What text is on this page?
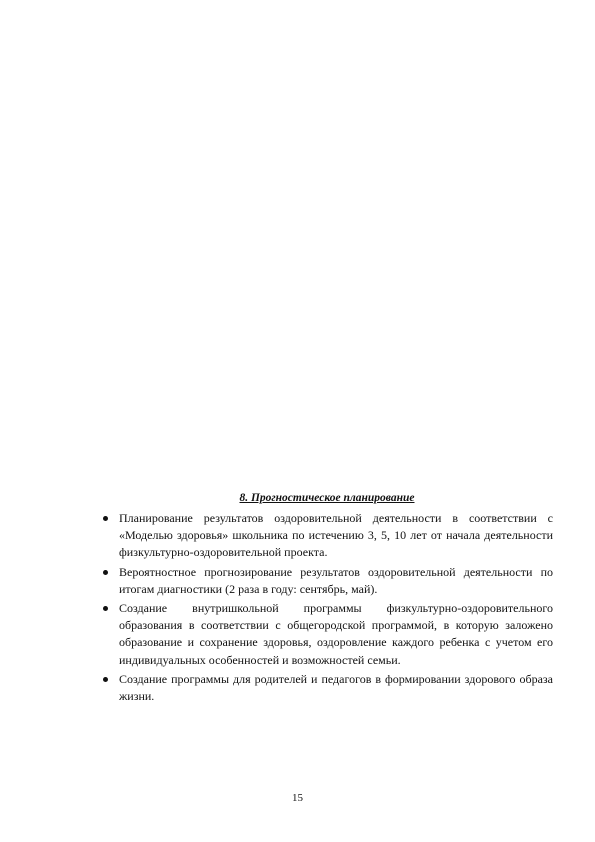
8. Прогностическое планирование
Планирование результатов оздоровительной деятельности в соответствии с «Моделью здоровья» школьника по истечению 3, 5, 10 лет от начала деятельности физкультурно-оздоровительной проекта.
Вероятностное прогнозирование результатов оздоровительной деятельности по итогам диагностики (2 раза в году: сентябрь, май).
Создание внутришкольной программы физкультурно-оздоровительного образования в соответствии с общегородской программой, в которую заложено образование и сохранение здоровья, оздоровление каждого ребенка с учетом его индивидуальных особенностей и возможностей семьи.
Создание программы для родителей и педагогов в формировании здорового образа жизни.
15
